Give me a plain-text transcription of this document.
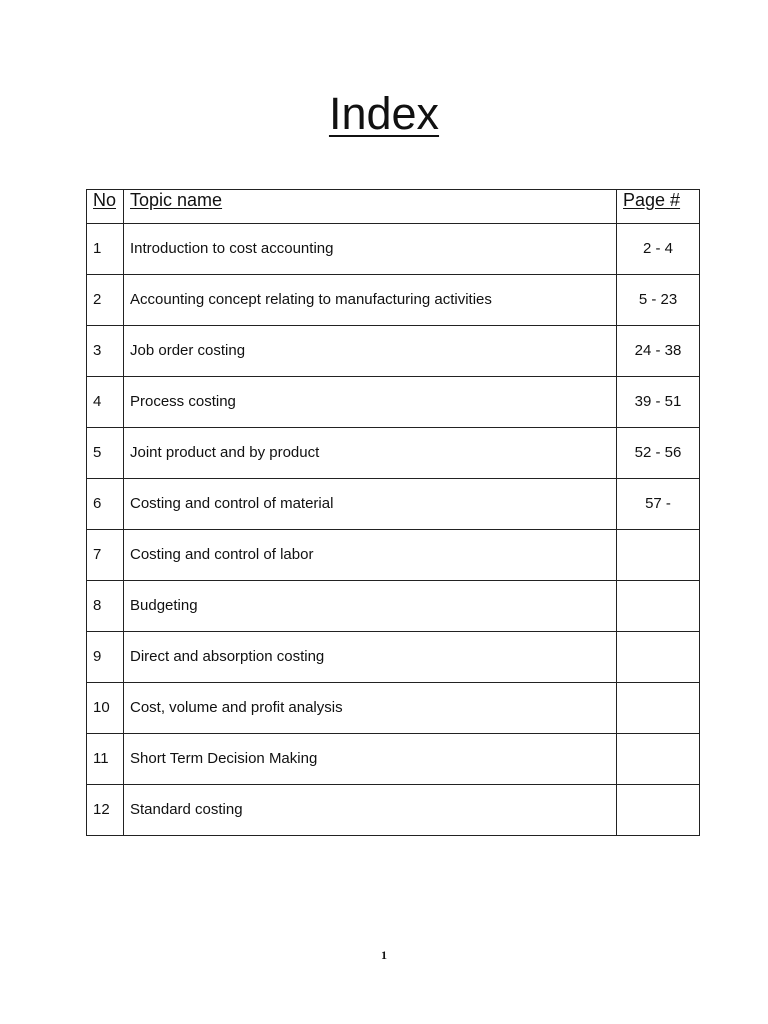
Index
No	Topic name	Page #
1	Introduction to cost accounting	2 - 4
2	Accounting concept relating to manufacturing activities	5 - 23
3	Job order costing	24 - 38
4	Process costing	39 - 51
5	Joint product and by product	52 - 56
6	Costing and control of material	57 -
7	Costing and control of labor	
8	Budgeting	
9	Direct and absorption costing	
10	Cost, volume and profit analysis	
11	Short Term Decision Making	
12	Standard costing	
1
